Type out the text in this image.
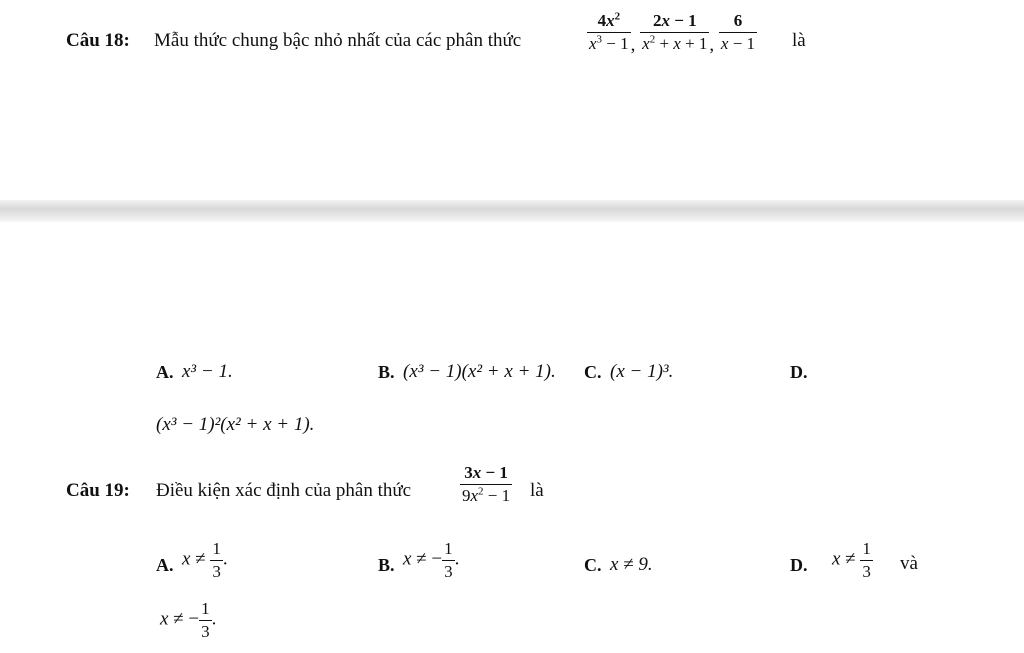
Câu 18: Mẫu thức chung bậc nhỏ nhất của các phân thức	$\frac{4x^2}{x^3 - 1}$ , $\frac{2x - 1}{x^2 + x + 1}$ , $\frac{6}{x - 1}$ là
A. x³ − 1.	B. (x³ − 1)(x² + x + 1). C. (x − 1)³.	D.
(x³ − 1)²(x² + x + 1).
Câu 19: Điều kiện xác định của phân thức	$\frac{3x - 1}{9x^2 - 1}$ là
A. $x \ne \frac{1}{3}$ .	B. x ≠ − $\frac{1}{3}$ .	C. x ≠ 9.	D. $x \ne \frac{1}{3}$ và
x ≠ − $\frac{1}{3}$ .
